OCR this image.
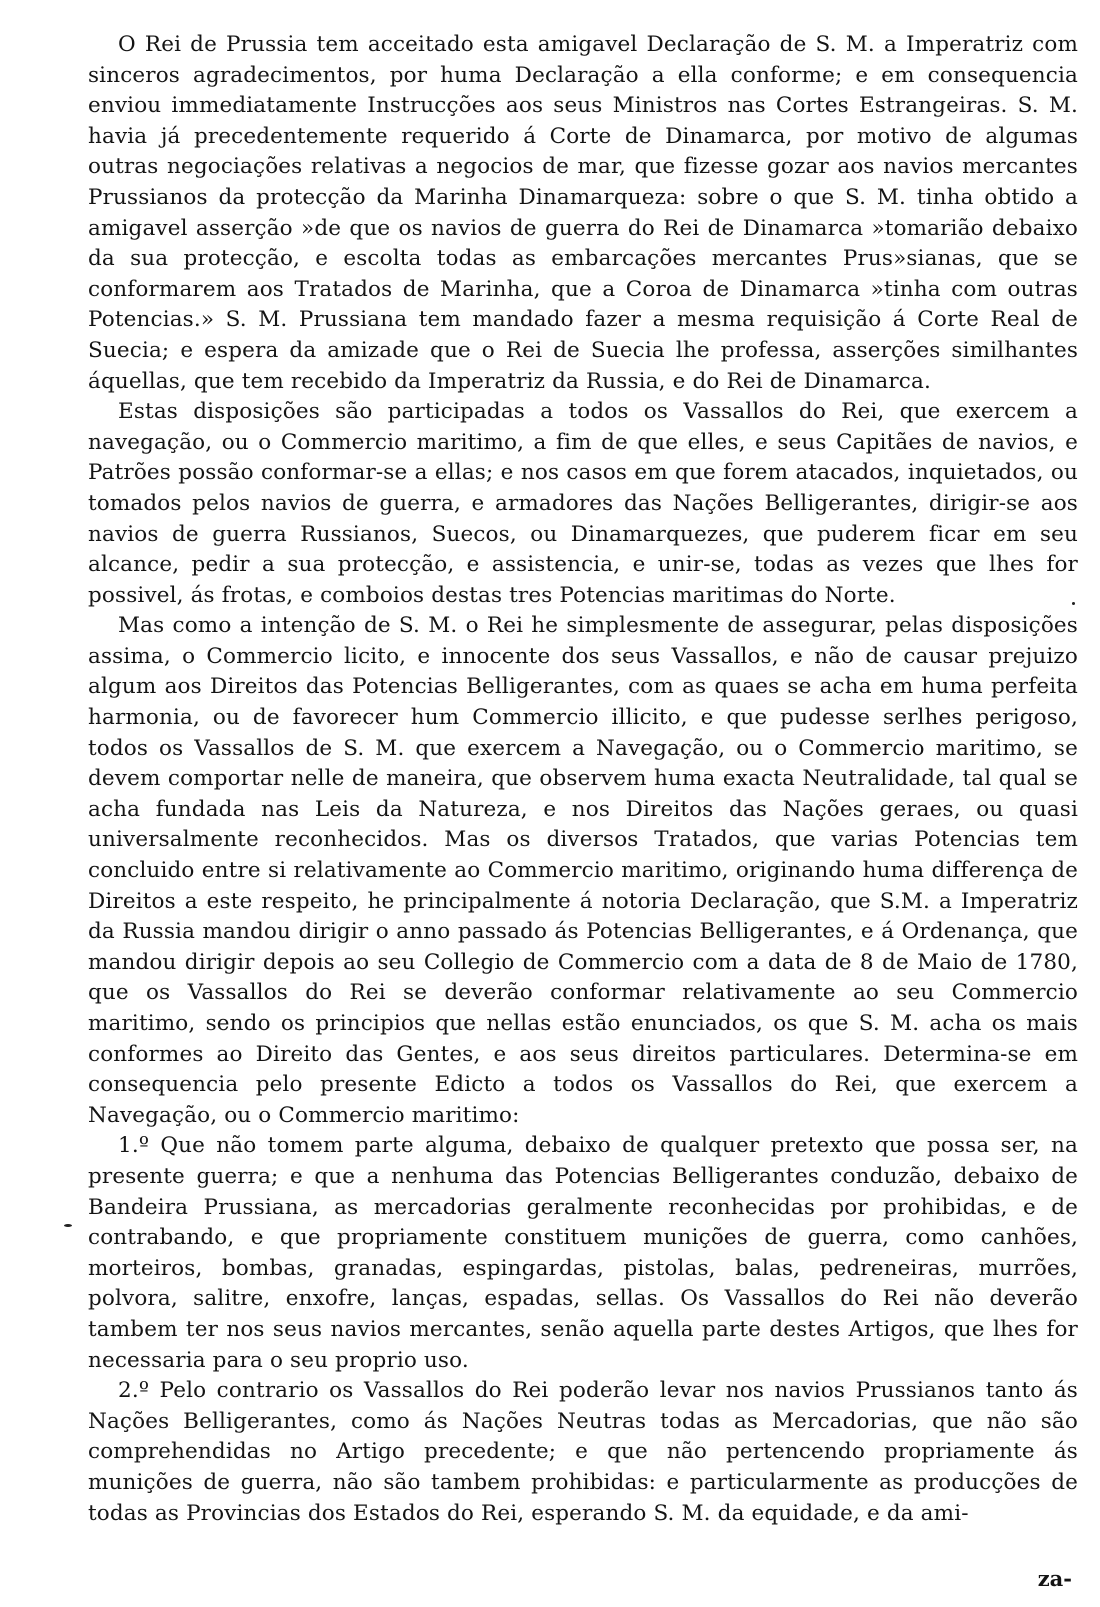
O Rei de Prussia tem acceitado esta amigavel Declaração de S. M. a Imperatriz com sinceros agradecimentos, por huma Declaração a ella conforme; e em consequencia enviou immediatamente Instrucções aos seus Ministros nas Cortes Estrangeiras. S. M. havia já precedentemente requerido á Corte de Dinamarca, por motivo de algumas outras negociações relativas a negocios de mar, que fizesse gozar aos navios mercantes Prussianos da protecção da Marinha Dinamarqueza: sobre o que S. M. tinha obtido a amigavel asserção »de que os navios de guerra do Rei de Dinamarca »tomarião debaixo da sua protecção, e escolta todas as embarcações mercantes Prus»sianas, que se conformarem aos Tratados de Marinha, que a Coroa de Dinamarca »tinha com outras Potencias.» S. M. Prussiana tem mandado fazer a mesma requisição á Corte Real de Suecia; e espera da amizade que o Rei de Suecia lhe professa, asserções similhantes áquellas, que tem recebido da Imperatriz da Russia, e do Rei de Dinamarca.

Estas disposições são participadas a todos os Vassallos do Rei, que exercem a navegação, ou o Commercio maritimo, a fim de que elles, e seus Capitães de navios, e Patrões possão conformar-se a ellas; e nos casos em que forem atacados, inquietados, ou tomados pelos navios de guerra, e armadores das Nações Belligerantes, dirigir-se aos navios de guerra Russianos, Suecos, ou Dinamarquezes, que puderem ficar em seu alcance, pedir a sua protecção, e assistencia, e unir-se, todas as vezes que lhes for possivel, ás frotas, e comboios destas tres Potencias maritimas do Norte.

Mas como a intenção de S. M. o Rei he simplesmente de assegurar, pelas disposições assima, o Commercio licito, e innocente dos seus Vassallos, e não de causar prejuizo algum aos Direitos das Potencias Belligerantes, com as quaes se acha em huma perfeita harmonia, ou de favorecer hum Commercio illicito, e que pudesse serlhes perigoso, todos os Vassallos de S. M. que exercem a Navegação, ou o Commercio maritimo, se devem comportar nelle de maneira, que observem huma exacta Neutralidade, tal qual se acha fundada nas Leis da Natureza, e nos Direitos das Nações geraes, ou quasi universalmente reconhecidos. Mas os diversos Tratados, que varias Potencias tem concluido entre si relativamente ao Commercio maritimo, originando huma differença de Direitos a este respeito, he principalmente á notoria Declaração, que S.M. a Imperatriz da Russia mandou dirigir o anno passado ás Potencias Belligerantes, e á Ordenança, que mandou dirigir depois ao seu Collegio de Commercio com a data de 8 de Maio de 1780, que os Vassallos do Rei se deverão conformar relativamente ao seu Commercio maritimo, sendo os principios que nellas estão enunciados, os que S. M. acha os mais conformes ao Direito das Gentes, e aos seus direitos particulares. Determina-se em consequencia pelo presente Edicto a todos os Vassallos do Rei, que exercem a Navegação, ou o Commercio maritimo:

1.º Que não tomem parte alguma, debaixo de qualquer pretexto que possa ser, na presente guerra; e que a nenhuma das Potencias Belligerantes conduzão, debaixo de Bandeira Prussiana, as mercadorias geralmente reconhecidas por prohibidas, e de contrabando, e que propriamente constituem munições de guerra, como canhões, morteiros, bombas, granadas, espingardas, pistolas, balas, pedreneiras, murrões, polvora, salitre, enxofre, lanças, espadas, sellas. Os Vassallos do Rei não deverão tambem ter nos seus navios mercantes, senão aquella parte destes Artigos, que lhes for necessaria para o seu proprio uso.

2.º Pelo contrario os Vassallos do Rei poderão levar nos navios Prussianos tanto ás Nações Belligerantes, como ás Nações Neutras todas as Mercadorias, que não são comprehendidas no Artigo precedente; e que não pertencendo propriamente ás munições de guerra, não são tambem prohibidas: e particularmente as producções de todas as Provincias dos Estados do Rei, esperando S. M. da equidade, e da ami-

za-
